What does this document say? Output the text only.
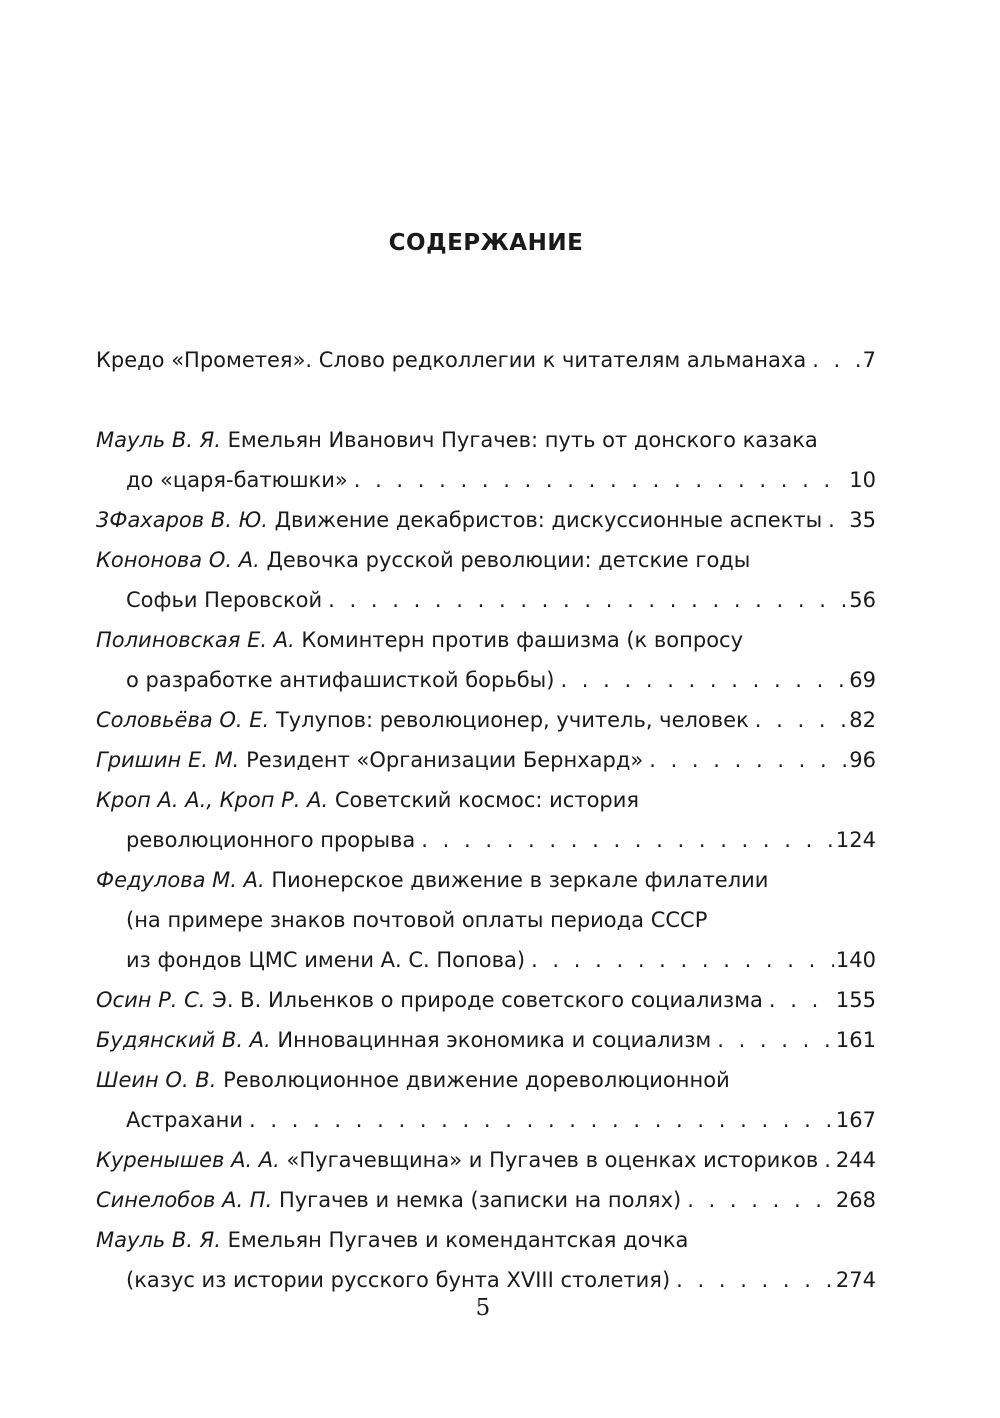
СОДЕРЖАНИЕ
Кредо «Прометея». Слово редколлегии к читателям альманаха . . .	7
Мауль В. Я. Емельян Иванович Пугачев: путь от донского казака
до «царя-батюшки» . . .	10
3Фахаров В. Ю. Движение декабристов: дискуссионные аспекты . . . 35
Кононова О. А. Девочка русской революции: детские годы
Софьи Перовской . . .	56
Полиновская Е. А. Коминтерн против фашизма (к вопросу
о разработке антифашисткой борьбы) . . .	69
Соловьёва О. Е. Тулупов: революционер, учитель, человек . . .	82
Гришин Е. М. Резидент «Организации Бернхард» . . .	96
Кроп А. А., Кроп Р. А. Советский космос: история
революционного прорыва . . .	124
Федулова М. А. Пионерское движение в зеркале филателии
(на примере знаков почтовой оплаты периода СССР
из фондов ЦМС имени А. С. Попова) . . .	140
Осин Р. С. Э. В. Ильенков о природе советского социализма . . .	155
Будянский В. А. Инновацинная экономика и социализм . . .	161
Шеин О. В. Революционное движение дореволюционной
Астрахани . . .	167
Куренышев А. А. «Пугачевщина» и Пугачев в оценках историков . . . 244
Синелобов А. П. Пугачев и немка (записки на полях) . . .	268
Мауль В. Я. Емельян Пугачев и комендантская дочка
(казус из истории русского бунта XVIII столетия) . . .	274
5
